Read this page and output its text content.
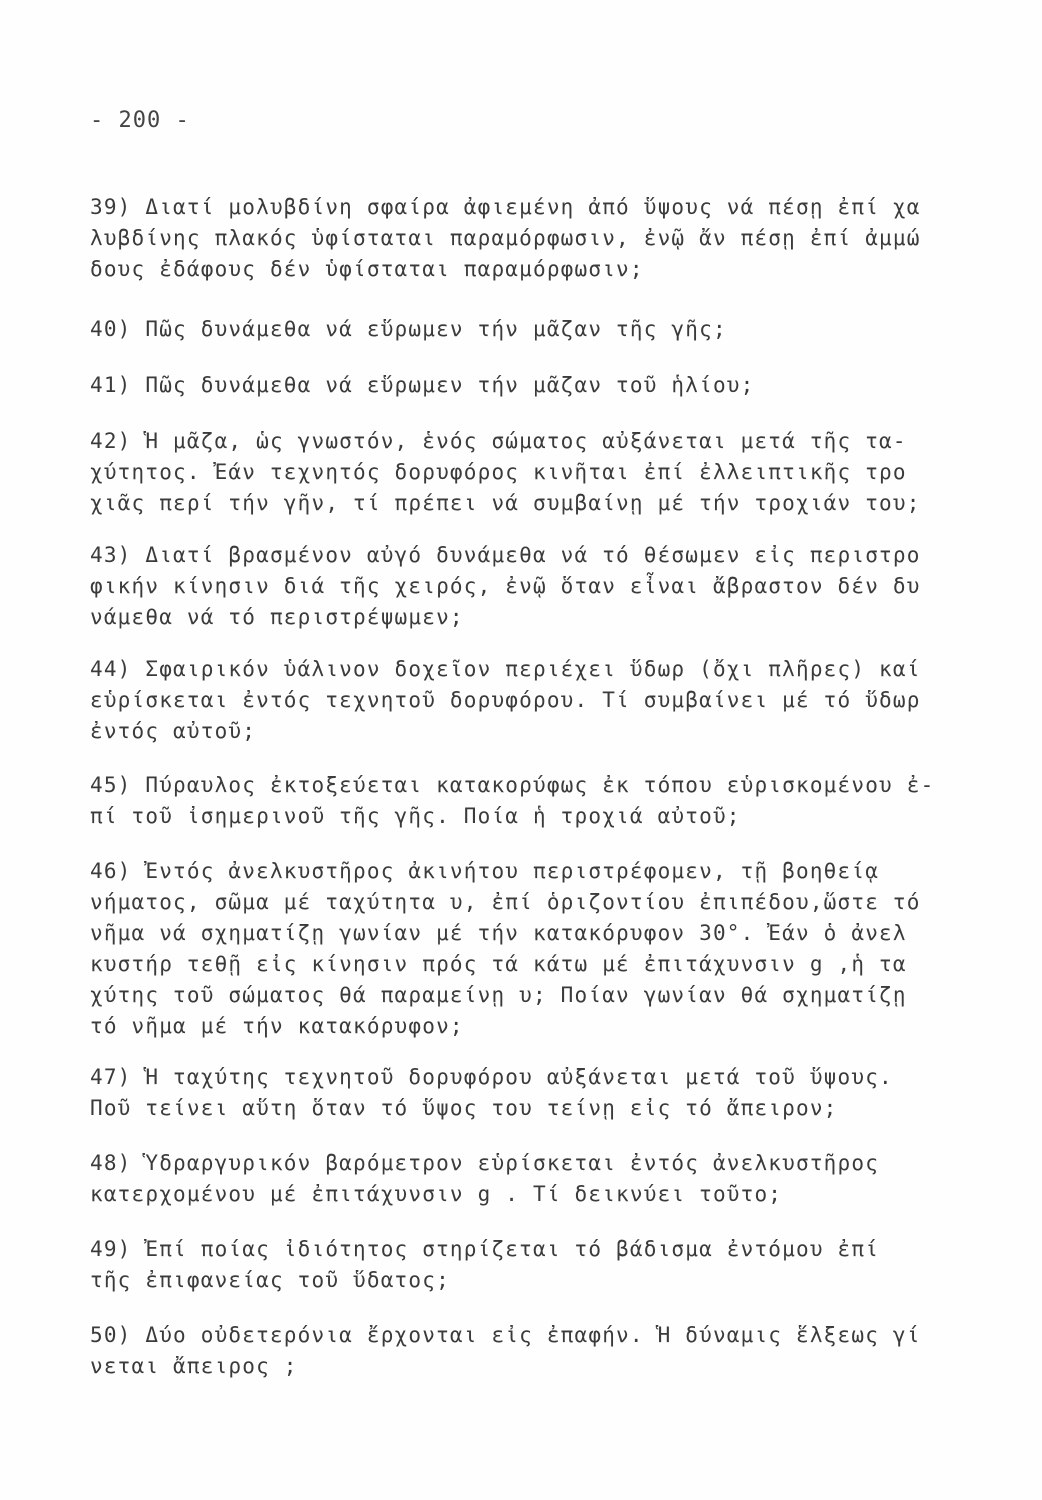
- 200 -
39) Διατί μολυβδίνη σφαίρα ἀφιεμένη ἀπό ὕψους νά πέσῃ ἐπί χα
λυβδίνης πλακός ὑφίσταται παραμόρφωσιν, ἐνῷ ἄν πέσῃ ἐπί ἀμμώ
δους ἐδάφους δέν ὑφίσταται παραμόρφωσιν;
40) Πῶς δυνάμεθα νά εὕρωμεν τήν μᾶζαν τῆς γῆς;
41) Πῶς δυνάμεθα νά εὕρωμεν τήν μᾶζαν τοῦ ἡλίου;
42) Ἡ μᾶζα, ὡς γνωστόν, ἑνός σώματος αὐξάνεται μετά τῆς τα-
χύτητος. Ἐάν τεχνητός δορυφόρος κινῆται ἐπί ἐλλειπτικῆς τρο
χιᾶς περί τήν γῆν, τί πρέπει νά συμβαίνῃ μέ τήν τροχιάν του;
43) Διατί βρασμένον αὐγό δυνάμεθα νά τό θέσωμεν εἰς περιστρο
φικήν κίνησιν διά τῆς χειρός, ἐνῷ ὅταν εἶναι ἄβραστον δέν δυ
νάμεθα νά τό περιστρέψωμεν;
44) Σφαιρικόν ὑάλινον δοχεῖον περιέχει ὕδωρ (ὄχι πλῆρες) καί
εὑρίσκεται ἐντός τεχνητοῦ δορυφόρου. Τί συμβαίνει μέ τό ὕδωρ
ἐντός αὐτοῦ;
45) Πύραυλος ἐκτοξεύεται κατακορύφως ἐκ τόπου εὑρισκομένου ἐ-
πί τοῦ ἰσημερινοῦ τῆς γῆς. Ποία ἡ τροχιά αὐτοῦ;
46) Ἐντός ἀνελκυστῆρος ἀκινήτου περιστρέφομεν, τῇ βοηθείᾳ
νήματος, σῶμα μέ ταχύτητα υ, ἐπί ὁριζοντίου ἐπιπέδου,ὥστε τό
νῆμα νά σχηματίζῃ γωνίαν μέ τήν κατακόρυφον 30°. Ἐάν ὁ ἀνελ
κυστήρ τεθῇ εἰς κίνησιν πρός τά κάτω μέ ἐπιτάχυνσιν g ,ἡ τα
χύτης τοῦ σώματος θά παραμείνῃ υ; Ποίαν γωνίαν θά σχηματίζῃ
τό νῆμα μέ τήν κατακόρυφον;
47) Ἡ ταχύτης τεχνητοῦ δορυφόρου αὐξάνεται μετά τοῦ ὕψους.
Ποῦ τείνει αὕτη ὅταν τό ὕψος του τείνῃ εἰς τό ἄπειρον;
48) Ὑδραργυρικόν βαρόμετρον εὑρίσκεται ἐντός ἀνελκυστῆρος
κατερχομένου μέ ἐπιτάχυνσιν g . Τί δεικνύει τοῦτο;
49) Ἐπί ποίας ἰδιότητος στηρίζεται τό βάδισμα ἐντόμου ἐπί
τῆς ἐπιφανείας τοῦ ὕδατος;
50) Δύο οὐδετερόνια ἔρχονται εἰς ἐπαφήν. Ἡ δύναμις ἕλξεως γί
νεται ἄπειρος ;
